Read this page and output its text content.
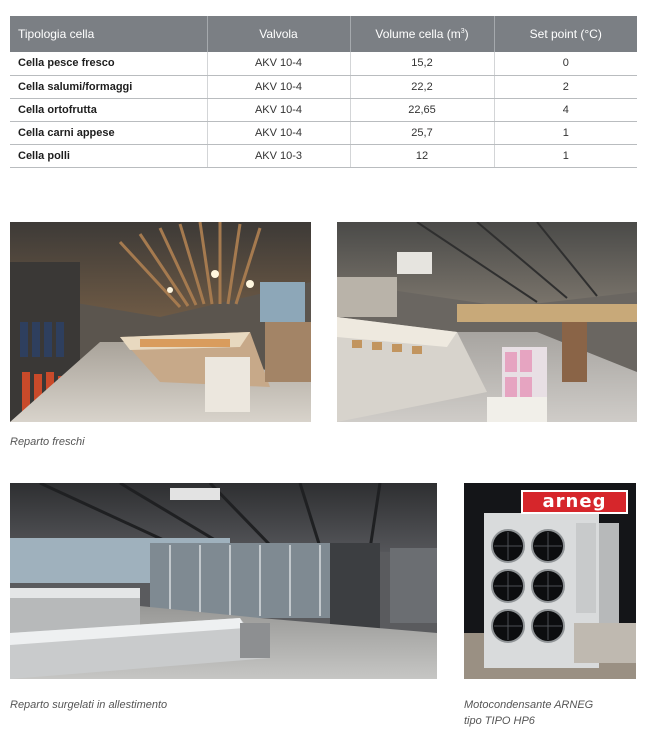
Tipologia cella	Valvola	Volume cella $(m^3)$	Set point (°C)
Cella pesce fresco	AKV 10-4	15,2	0
Cella salumi/formaggi	AKV 10-4	22,2	2
Cella ortofrutta	AKV 10-4	22,65	4
Cella carni appese	AKV 10-4	25,7	1
Cella polli	AKV 10-3	12	1
arneg
Reparto freschi
Reparto surgelati in allestimento	Motocondensante ARNEG
tipo TIPO HP6
